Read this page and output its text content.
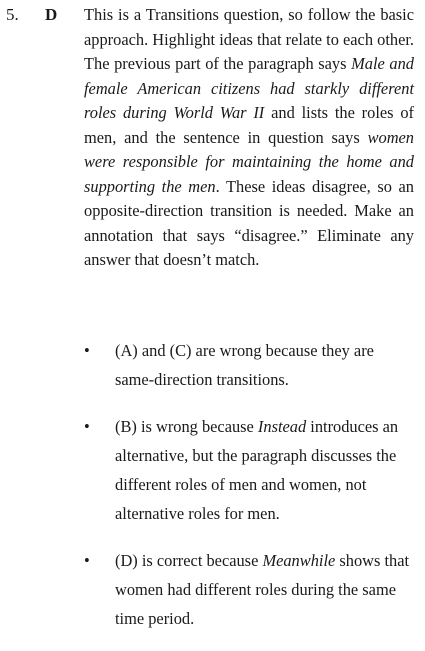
5. D This is a Transitions question, so follow the basic approach. Highlight ideas that relate to each other. The previous part of the paragraph says Male and female American citizens had starkly different roles during World War II and lists the roles of men, and the sentence in question says women were responsible for maintaining the home and supporting the men. These ideas disagree, so an opposite-direction transition is needed. Make an annotation that says “disagree.” Eliminate any answer that doesn’t match.

• (A) and (C) are wrong because they are same-direction transitions.
• (B) is wrong because Instead introduces an alternative, but the paragraph discusses the different roles of men and women, not alternative roles for men.
• (D) is correct because Meanwhile shows that women had different roles during the same time period.
